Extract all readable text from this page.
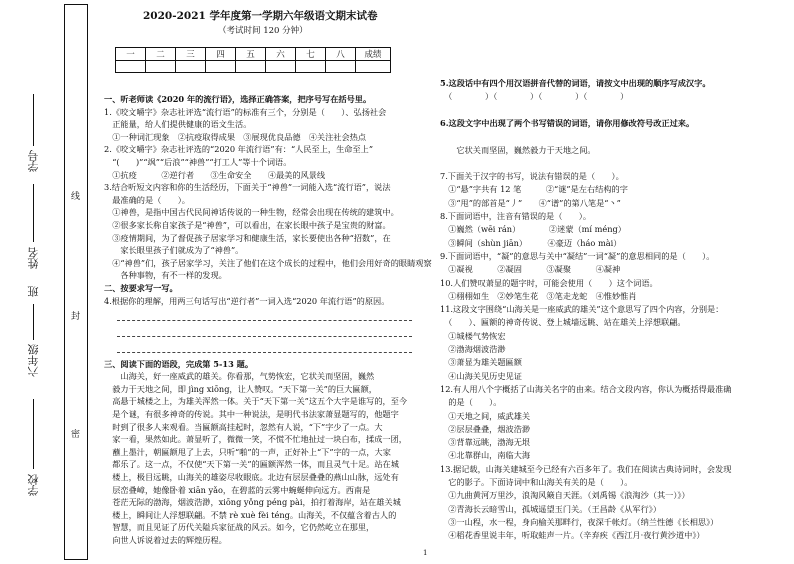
学校
六年级
班
姓名
学号
密
封
线
2020-2021 学年度第一学期六年级语文期末试卷
（考试时间 120 分钟）
一	二	三	四	五	六	七	八	成绩

一、听老师读《2020 年的流行语》，选择正确答案，把序号写在括号里。
1.《咬文嚼字》杂志社评选“流行语”的标准有三个，分别是（　　）、弘扬社会
　正能量，给人们提供健康的语文生活。
　①一种词汇现象　②抗疫取得成果　③展现优良品德　④关注社会热点
2.《咬文嚼字》杂志社评选的“2020 年流行语”有：“人民至上，生命至上”
　“(　　)”“飒”“后浪”“神兽”“打工人”等十个词语。
　①抗疫　　　②逆行者　　③生命安全　　④最美的风景线
3.结合听短文内容和你的生活经历，下面关于“神兽”一词能入选“流行语”，说法
　最准确的是（　　）。
　①神兽，是指中国古代民间神话传说的一种生物，经常会出现在传统的建筑中。
　②很多家长称自家孩子是“神兽”，可以看出，在家长眼中孩子是宝贵的财富。
　③疫情期间，为了督促孩子居家学习和健康生活，家长要使出各种“招数”，在
　　家长眼里孩子们就成为了“神兽”。
　④“神兽”们，孩子居家学习，关注了他们在这个成长的过程中，他们会用好奇的眼睛观察
　　各种事物，有不一样的发现。
二、按要求写一写。
4.根据你的理解，用两三句话写出“逆行者”一词入选“2020 年流行语”的原因。
三、阅读下面的语段，完成第 5-13 题。
　　山海关，好一座威武的雄关。你看那，气势恢宏，它状关而坚固，巍然
　毅力于天地之间，即 jìng xiōng，让人赞叹。“天下第一关”的巨大匾额，
　高悬于城楼之上，为雄关浑然一体。关于“天下第一关”这五个大字是谁写的，至今
　是个谜，有很多神奇的传说。其中一种说法，是明代书法家萧显题写的，他题字
　时到了很多人来观看。当匾额高挂起时，忽然有人说，“下”字少了一点。大
　家一看，果然如此。萧显听了，微微一笑，不慌不忙地扯过一块白布，揉成一团，
　蘸上墨汁，朝匾额甩了上去，只听“啪”的一声，正好补上“下”字的一点，大家
　都乐了。这一点，不仅使“天下第一关”的匾额浑然一体，而且灵气十足。站在城
　楼上，极目远眺，山海关的雄姿尽收眼底。北边有层层叠叠的燕山山脉，远处有
　层峦叠嶂，她像卧着 xiān yǎo，在碧蓝的云雾中蜿蜒伸向远方。西南是
　苍茫无际的渤海，烟波浩渺，xiōng yǒng péng pài，拍打着海岸，站在雄关城
　楼上，瞬间让人浮想联翩。不禁 rè xuè fèi téng。山海关，不仅蕴含着古人的
　智慧，而且见证了历代关隘兵家征战的风云。如今，它仍然屹立在那里，
　向世人诉说着过去的辉煌历程。
5.这段话中有四个用汉语拼音代替的词语，请按文中出现的顺序写成汉字。
　（　　　　）（　　　　）（　　　　）（　　　　）
6.这段文字中出现了两个书写错误的词语，请你用修改符号改正过来。
　　它状关而坚固，巍然毅力于天地之间。
7.下面关于汉字的书写，说法有错误的是（　　）。
　①“悬”字共有 12 笔　　　②“谜”是左右结构的字
　③“甩”的部首是“丿”　　④“谱”的第八笔是“丶”
8.下面词语中，注音有错误的是（　　）。
　①巍然（wēi rán）　　　　②迷蒙（mí méng）
　③瞬间（shùn jiān）　　　④豪迈（háo mài）
9.下面词语中，“凝”的意思与关中“凝结”一词“凝”的意思相同的是（　　）。
　①凝视　　　②凝固　　　③凝聚　　　④凝神
10.人们赞叹萧显的题字时，可能会使用（　　）这个词语。
　①栩栩如生　②妙笔生花　③笔走龙蛇　④惟妙惟肖
11.这段文字围绕“山海关是一座威武的雄关”这个意思写了四个内容，分别是：
　（　　）、匾额的神奇传说、登上城墙远眺、站在雄关上浮想联翩。
　①城楼气势恢宏
　②渤海烟波浩渺
　③萧显为雄关题匾额
　④山海关见历史见证
12.有人用八个字概括了山海关名字的由来。结合文段内容，你认为概括得最准确
　的是（　　）。
　①天地之间，威武雄关
　②层层叠叠，烟波浩渺
　③背靠远眺，渤海无垠
　④北靠群山，南临大海
13.据记载，山海关建城至今已经有六百多年了。我们在阅读古典诗词时，会发现
　它的影子。下面诗词中和山海关有关的是（　　）。
　①九曲黄河万里沙，浪淘风簸自天涯。（刘禹锡《浪淘沙（其一）》）
　②青海长云暗雪山，孤城遥望玉门关。（王昌龄《从军行》）
　③一山程，水一程，身向榆关那畔行，夜深千帐灯。（纳兰性德《长相思》）
　④稻花香里说丰年，听取蛙声一片。（辛弃疾《西江月·夜行黄沙道中》）
1
